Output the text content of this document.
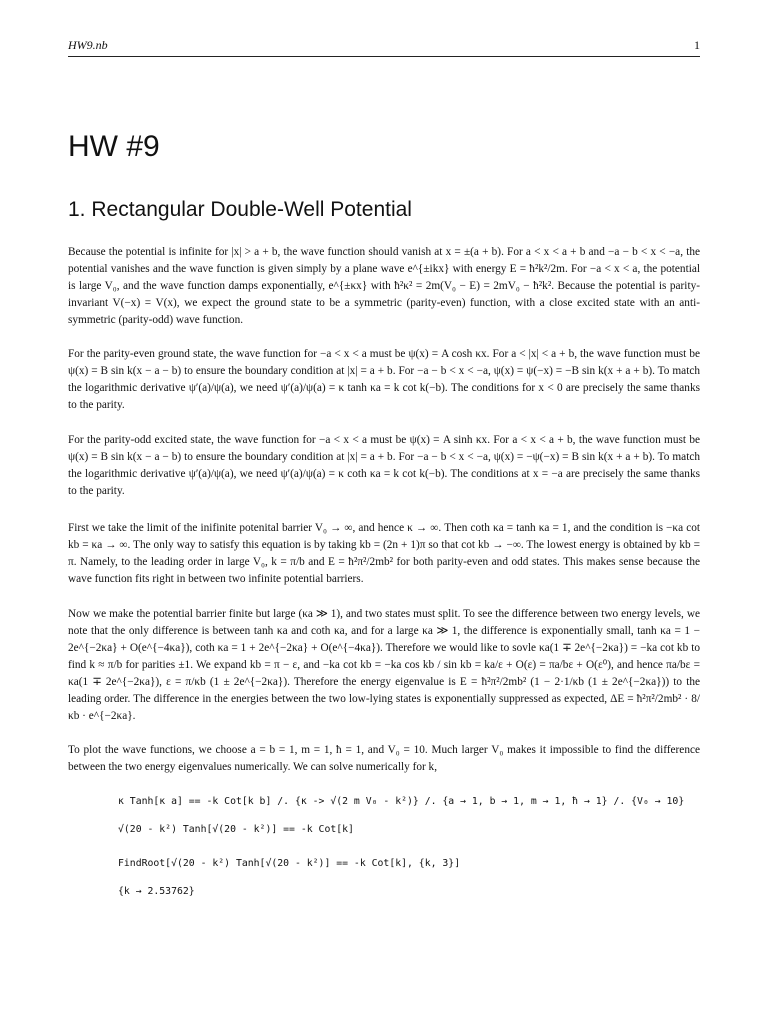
HW9.nb	1
HW #9
1. Rectangular Double-Well Potential

Because the potential is infinite for |x| > a + b, the wave function should vanish at x = ±(a + b). For a < x < a + b and −a − b < x < −a, the potential vanishes and the wave function is given simply by a plane wave e^{±ikx} with energy E = ħ²k²/2m. For −a < x < a, the potential is large V₀, and the wave function damps exponentially, e^{±κx} with ħ²κ² = 2m(V₀ − E) = 2mV₀ − ħ²k². Because the potential is parity-invariant V(−x) = V(x), we expect the ground state to be a symmetric (parity-even) function, with a close excited state with an anti-symmetric (parity-odd) wave function.

For the parity-even ground state, the wave function for −a < x < a must be ψ(x) = A cosh κx. For a < |x| < a + b, the wave function must be ψ(x) = B sin k(x − a − b) to ensure the boundary condition at |x| = a + b. For −a − b < x < −a, ψ(x) = ψ(−x) = −B sin k(x + a + b). To match the logarithmic derivative ψ′(a)/ψ(a), we need ψ′(a)/ψ(a) = κ tanh κa = k cot k(−b). The conditions for x < 0 are precisely the same thanks to the parity.

For the parity-odd excited state, the wave function for −a < x < a must be ψ(x) = A sinh κx. For a < x < a + b, the wave function must be ψ(x) = B sin k(x − a − b) to ensure the boundary condition at |x| = a + b. For −a − b < x < −a, ψ(x) = −ψ(−x) = B sin k(x + a + b). To match the logarithmic derivative ψ′(a)/ψ(a), we need ψ′(a)/ψ(a) = κ coth κa = k cot k(−b). The conditions at x = −a are precisely the same thanks to the parity.

First we take the limit of the inifinite potenital barrier V₀ → ∞, and hence κ → ∞. Then coth κa = tanh κa = 1, and the condition is −κa cot kb = κa → ∞. The only way to satisfy this equation is by taking kb = (2n + 1)π so that cot kb → −∞. The lowest energy is obtained by kb = π. Namely, to the leading order in large V₀, k = π/b and E = ħ²π²/2mb² for both parity-even and odd states. This makes sense because the wave function fits right in between two infinite potential barriers.

Now we make the potential barrier finite but large (κa ≫ 1), and two states must split. To see the difference between two energy levels, we note that the only difference is between tanh κa and coth κa, and for a large κa ≫ 1, the difference is exponentially small, tanh κa = 1 − 2e^{−2κa} + O(e^{−4κa}), coth κa = 1 + 2e^{−2κa} + O(e^{−4κa}). Therefore we would like to sovle κa(1 ∓ 2e^{−2κa}) = −ka cot kb to find k ≈ π/b for parities ±1. We expand kb = π − ε, and −ka cot kb = −ka cos kb / sin kb = ka/ε + O(ε) = πa/bε + O(ε⁰), and hence πa/bε = κa(1 ∓ 2e^{−2κa}), ε = π/κb (1 ± 2e^{−2κa}). Therefore the energy eigenvalue is E = ħ²π²/2mb² (1 − 2·1/κb (1 ± 2e^{−2κa})) to the leading order. The difference in the energies between the two low-lying states is exponentially suppressed as expected, ΔE = ħ²π²/2mb² · 8/κb · e^{−2κa}.

To plot the wave functions, we choose a = b = 1, m = 1, ħ = 1, and V₀ = 10. Much larger V₀ makes it impossible to find the difference between the two energy eigenvalues numerically. We can solve numerically for k,

κ Tanh[κ a] == -k Cot[k b] /. {κ -> √(2 m V₀ - k²)} /. {a → 1, b → 1, m → 1, ħ → 1} /. {V₀ → 10}
√(20 - k²) Tanh[√(20 - k²)] == -k Cot[k]
FindRoot[√(20 - k²) Tanh[√(20 - k²)] == -k Cot[k], {k, 3}]
{k → 2.53762}
